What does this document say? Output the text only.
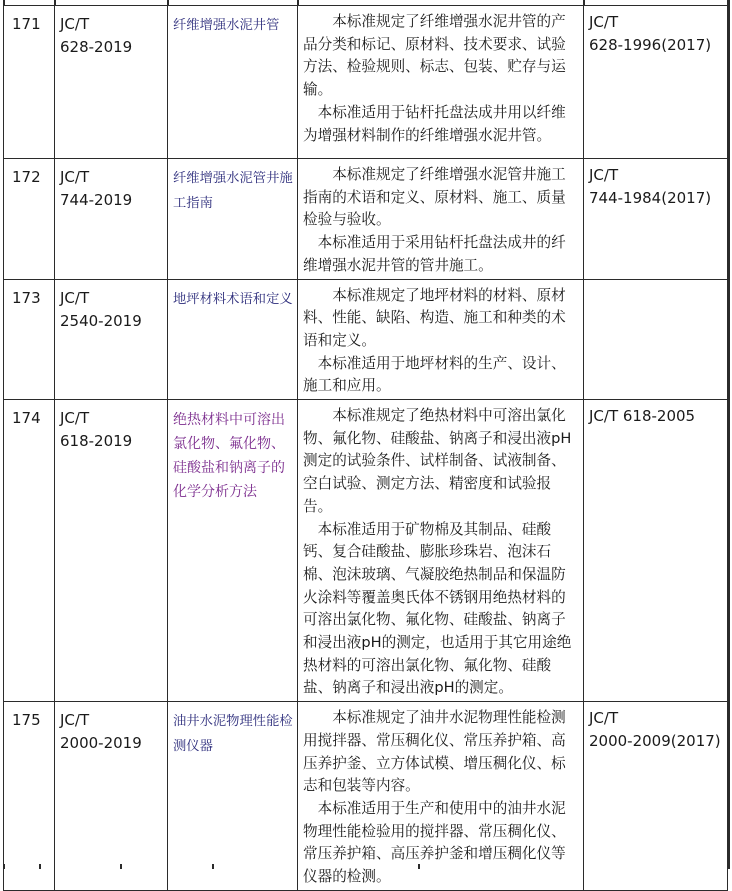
171	JC/T
628-2019	纤维增强水泥井管	本标准规定了纤维增强水泥井管的产品分类和标记、原材料、技术要求、试验方法、检验规则、标志、包装、贮存与运输。
本标准适用于钻杆托盘法成井用以纤维为增强材料制作的纤维增强水泥井管。	JC/T
628-1996(2017)

172	JC/T
744-2019	纤维增强水泥管井施工指南	本标准规定了纤维增强水泥管井施工指南的术语和定义、原材料、施工、质量检验与验收。
本标准适用于采用钻杆托盘法成井的纤维增强水泥井管的管井施工。	JC/T
744-1984(2017)

173	JC/T
2540-2019	地坪材料术语和定义	本标准规定了地坪材料的材料、原材料、性能、缺陷、构造、施工和种类的术语和定义。
本标准适用于地坪材料的生产、设计、施工和应用。	

174	JC/T
618-2019	绝热材料中可溶出氯化物、氟化物、硅酸盐和钠离子的化学分析方法	本标准规定了绝热材料中可溶出氯化物、氟化物、硅酸盐、钠离子和浸出液pH测定的试验条件、试样制备、试液制备、空白试验、测定方法、精密度和试验报告。
本标准适用于矿物棉及其制品、硅酸钙、复合硅酸盐、膨胀珍珠岩、泡沫石棉、泡沫玻璃、气凝胶绝热制品和保温防火涂料等覆盖奥氏体不锈钢用绝热材料的可溶出氯化物、氟化物、硅酸盐、钠离子和浸出液pH的测定，也适用于其它用途绝热材料的可溶出氯化物、氟化物、硅酸盐、钠离子和浸出液pH的测定。	JC/T 618-2005

175	JC/T
2000-2019	油井水泥物理性能检测仪器	本标准规定了油井水泥物理性能检测用搅拌器、常压稠化仪、常压养护箱、高压养护釜、立方体试模、增压稠化仪、标志和包装等内容。
本标准适用于生产和使用中的油井水泥物理性能检验用的搅拌器、常压稠化仪、常压养护箱、高压养护釜和增压稠化仪等仪器的检测。	JC/T
2000-2009(2017)
